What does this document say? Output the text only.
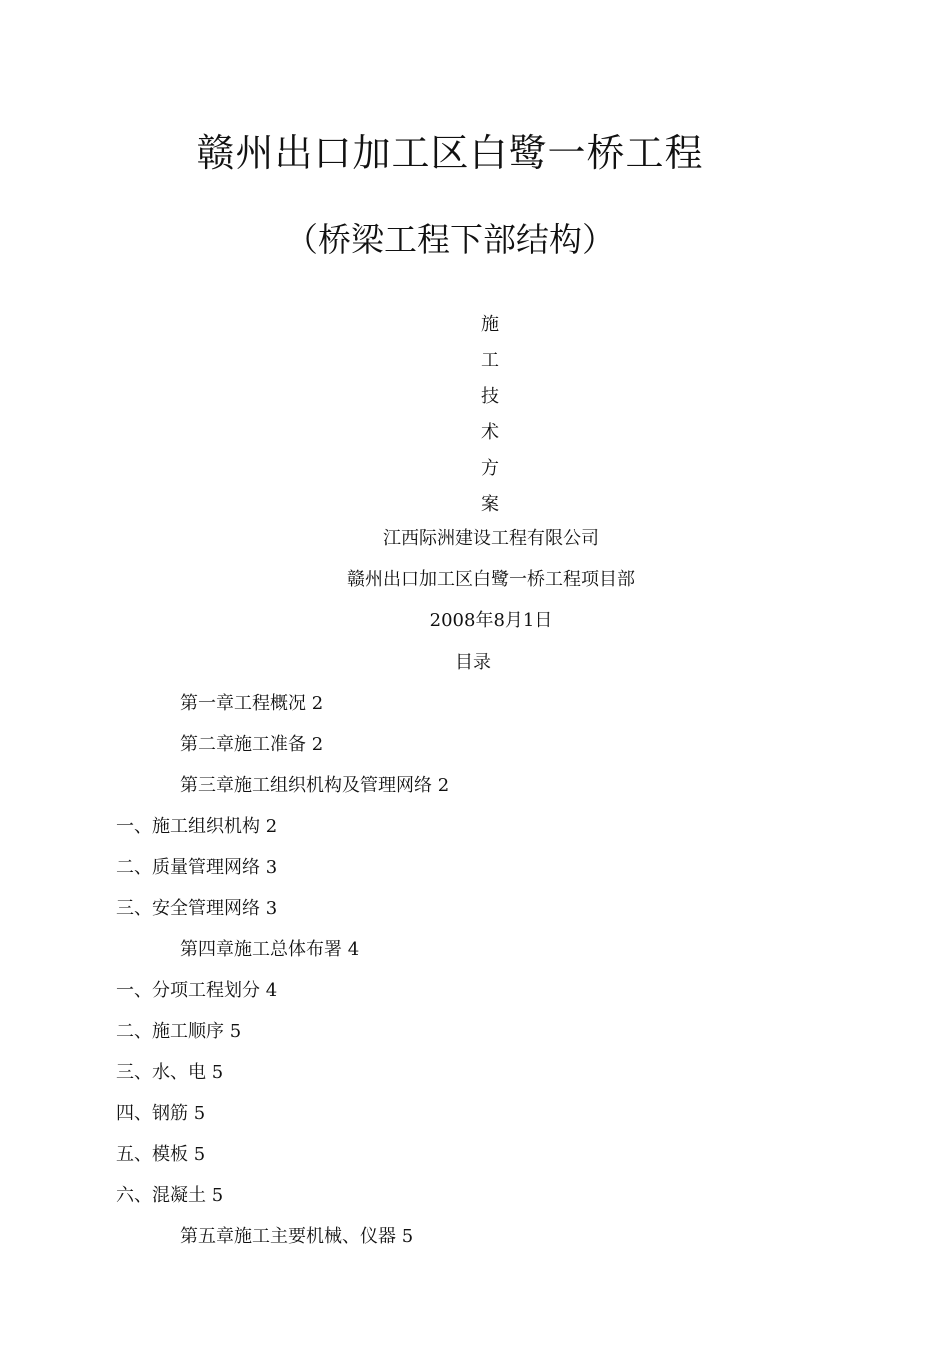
赣州出口加工区白鹭一桥工程
（桥梁工程下部结构）
施
工
技
术
方
案
江西际洲建设工程有限公司
赣州出口加工区白鹭一桥工程项目部
2008年8月1日
目录
第一章工程概况 2
第二章施工准备 2
第三章施工组织机构及管理网络 2
一、施工组织机构 2
二、质量管理网络 3
三、安全管理网络 3
第四章施工总体布署 4
一、分项工程划分 4
二、施工顺序 5
三、水、电 5
四、钢筋 5
五、模板 5
六、混凝土 5
第五章施工主要机械、仪器 5
